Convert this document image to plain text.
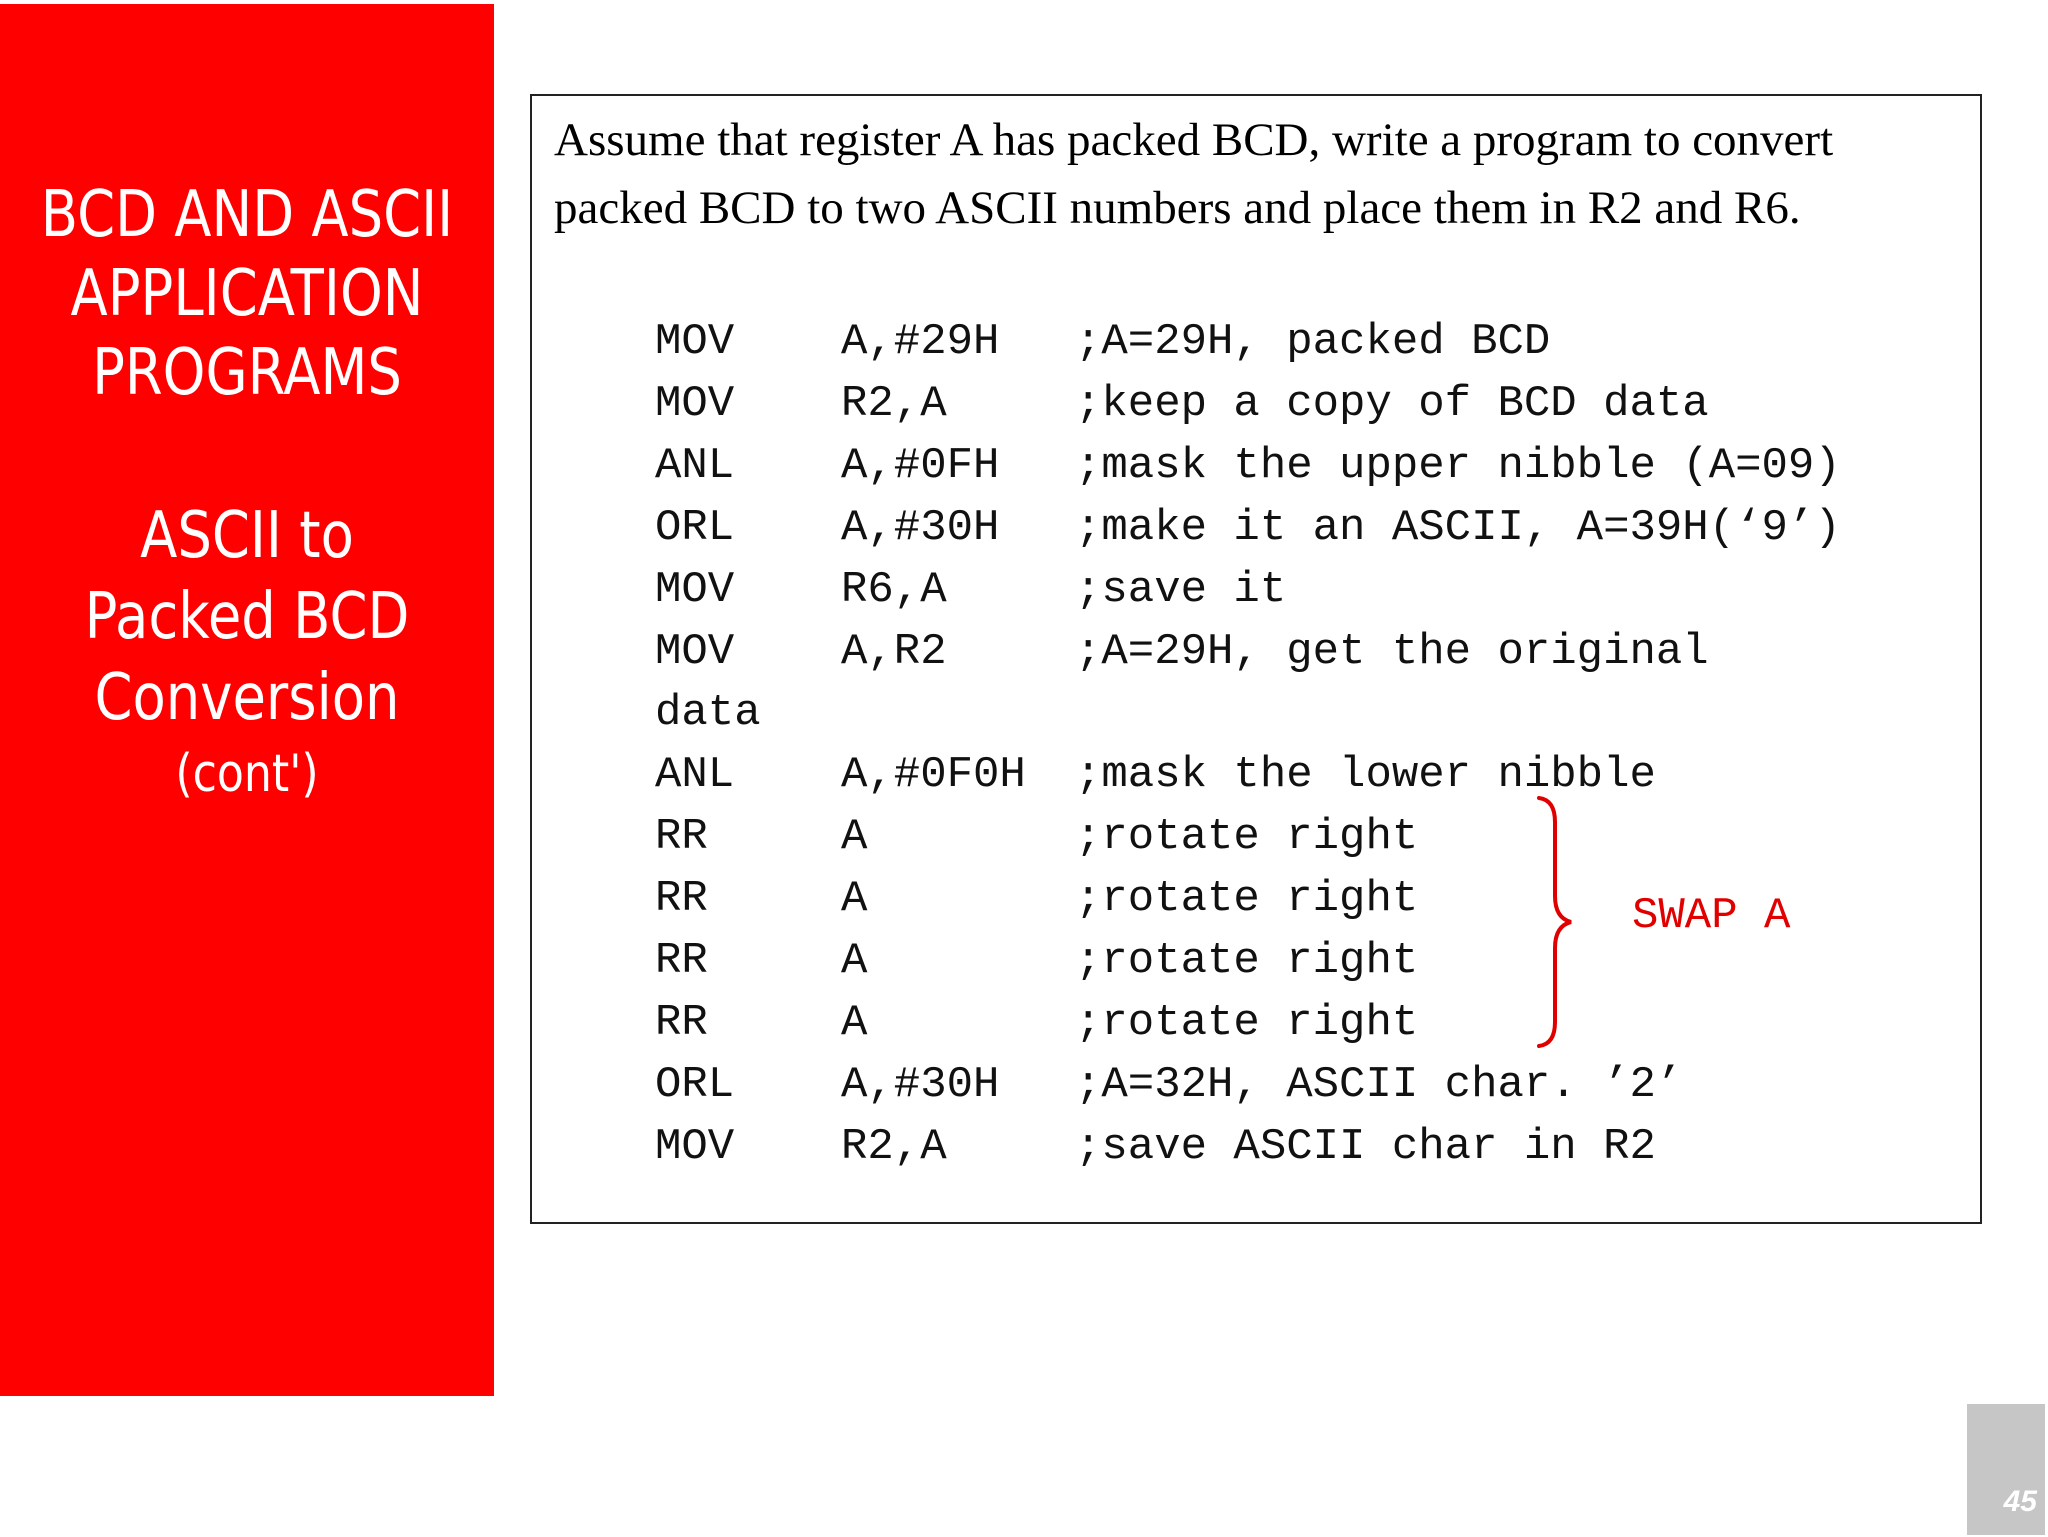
BCD AND ASCII
APPLICATION
PROGRAMS
ASCII to
Packed BCD
Conversion
(cont')
Assume that register A has packed BCD, write a program to convert
packed BCD to two ASCII numbers and place them in R2 and R6.
MOV A,#29H ;A=29H, packed BCD
MOV R2,A	;keep a copy of BCD data
ANL A,#0FH ;mask the upper nibble (A=09)
ORL A,#30H ;make it an ASCII, A=39H(‘9’)
MOV R6,A	;save it
MOV A,R2	;A=29H, get the original
data
ANL A,#0F0H ;mask the lower nibble
RR	A	;rotate right
RR	A	;rotate right
RR	A	;rotate right
RR	A	;rotate right
ORL A,#30H ;A=32H, ASCII char. ’2’
MOV R2,A	;save ASCII char in R2
SWAP A
45
